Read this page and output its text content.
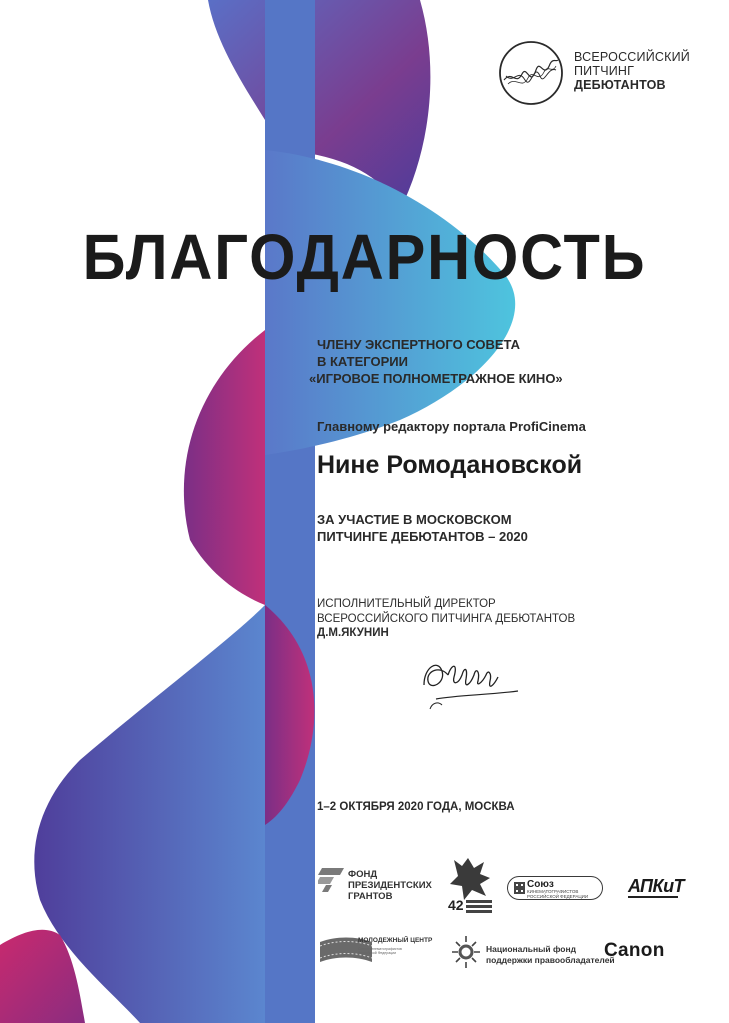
ВСЕРОССИЙСКИЙ
ПИТЧИНГ
ДЕБЮТАНТОВ
БЛАГОДАРНОСТЬ
ЧЛЕНУ ЭКСПЕРТНОГО СОВЕТА
В КАТЕГОРИИ
«ИГРОВОЕ ПОЛНОМЕТРАЖНОЕ КИНО»
Главному редактору портала ProfiCinema
Нине Ромодановской
ЗА УЧАСТИЕ В МОСКОВСКОМ
ПИТЧИНГЕ ДЕБЮТАНТОВ – 2020
ИСПОЛНИТЕЛЬНЫЙ ДИРЕКТОР
ВСЕРОССИЙСКОГО ПИТЧИНГА ДЕБЮТАНТОВ
Д.М.ЯКУНИН
1–2 ОКТЯБРЯ 2020 ГОДА, МОСКВА
ФОНД
ПРЕЗИДЕНТСКИХ
ГРАНТОВ
42
Союз
КИНЕМАТОГРАФИСТОВ
РОССИЙСКОЙ ФЕДЕРАЦИИ
АПКиТ
МОЛОДЕЖНЫЙ ЦЕНТР
Союза кинематографистов
Российской Федерации	Национальный фонд
поддержки правообладателей
Canon
